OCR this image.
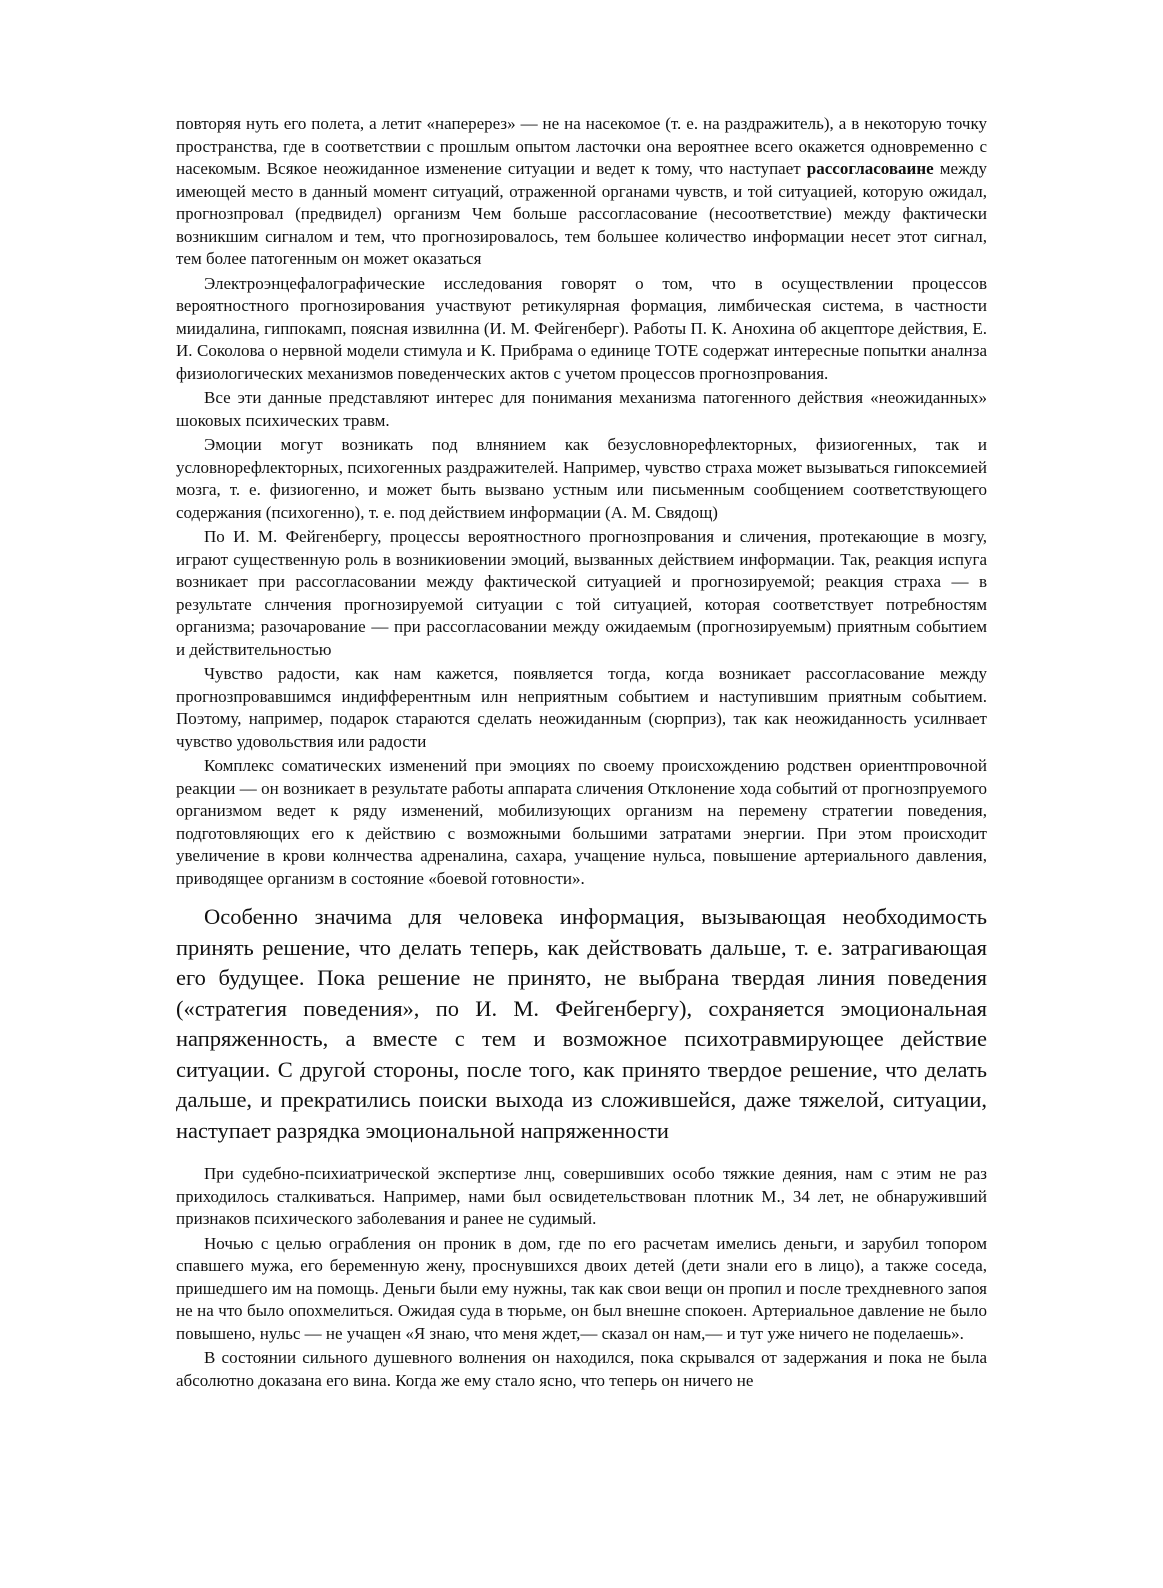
повторяя нуть его полета, а летит «наперерез» — не на насекомое (т. е. на раздражитель), а в некоторую точку пространства, где в соответствии с прошлым опытом ласточки она вероятнее всего окажется одновременно с насекомым. Всякое неожиданное изменение ситуации и ведет к тому, что наступает рассогласоваине между имеющей место в данный момент ситуаций, отраженной органами чувств, и той ситуацией, которую ожидал, прогнозпровал (предвидел) организм Чем больше рассогласование (несоответствие) между фактически возникшим сигналом и тем, что прогнозировалось, тем большее количество информации несет этот сигнал, тем более патогенным он может оказаться

Электроэнцефалографические исследования говорят о том, что в осуществлении процессов вероятностного прогнозирования участвуют ретикулярная формация, лимбическая система, в частности миидалина, гиппокамп, поясная извилнна (И. М. Фейгенберг). Работы П. К. Анохина об акцепторе действия, Е. И. Соколова о нервной модели стимула и К. Прибрама о единице ТОТЕ содержат интересные попытки аналнза физиологических механизмов поведенческих актов с учетом процессов прогнозпрования.

Все эти данные представляют интерес для понимания механизма патогенного действия «неожиданных» шоковых психических травм.

Эмоции могут возникать под влнянием как безусловнорефлекторных, физиогенных, так и условнорефлекторных, психогенных раздражителей. Например, чувство страха может вызываться гипоксемией мозга, т. е. физиогенно, и может быть вызвано устным или письменным сообщением соответствующего содержания (психогенно), т. е. под действием информации (А. М. Свядощ)

По И. М. Фейгенбергу, процессы вероятностного прогнозпрования и сличения, протекающие в мозгу, играют существенную роль в возникиовении эмоций, вызванных действием информации. Так, реакция испуга возникает при рассогласовании между фактической ситуацией и прогнозируемой; реакция страха — в результате слнчения прогнозируемой ситуации с той ситуацией, которая соответствует потребностям организма; разочарование — при рассогласовании между ожидаемым (прогнозируемым) приятным событием и действительностью

Чувство радости, как нам кажется, появляется тогда, когда возникает рассогласование между прогнозпровавшимся индифферентным илн неприятным событием и наступившим приятным событием. Поэтому, например, подарок стараются сделать неожиданным (сюрприз), так как неожиданность усилнвает чувство удовольствия или радости

Комплекс соматических изменений при эмоциях по своему происхождению родствен ориентпровочной реакции — он возникает в результате работы аппарата сличения Отклонение хода событий от прогнозпруемого организмом ведет к ряду изменений, мобилизующих организм на перемену стратегии поведения, подготовляющих его к действию с возможными большими затратами энергии. При этом происходит увеличение в крови колнчества адреналина, сахара, учащение нульса, повышение артериального давления, приводящее организм в состояние «боевой готовности».

Особенно значима для человека информация, вызывающая необходимость принять решение, что делать теперь, как действовать дальше, т. е. затрагивающая его будущее. Пока решение не принято, не выбрана твердая линия поведения («стратегия поведения», по И. М. Фейгенбергу), сохраняется эмоциональная напряженность, а вместе с тем и возможное психотравмирующее действие ситуации. С другой стороны, после того, как принято твердое решение, что делать дальше, и прекратились поиски выхода из сложившейся, даже тяжелой, ситуации, наступает разрядка эмоциональной напряженности

При судебно-психиатрической экспертизе лнц, совершивших особо тяжкие деяния, нам с этим не раз приходилось сталкиваться. Например, нами был освидетельствован плотник М., 34 лет, не обнаруживший признаков психического заболевания и ранее не судимый.

Ночью с целью ограбления он проник в дом, где по его расчетам имелись деньги, и зарубил топором спавшего мужа, его беременную жену, проснувшихся двоих детей (дети знали его в лицо), а также соседа, пришедшего им на помощь. Деньги были ему нужны, так как свои вещи он пропил и после трехдневного запоя не на что было опохмелиться. Ожидая суда в тюрьме, он был внешне спокоен. Артериальное давление не было повышено, нульс — не учащен «Я знаю, что меня ждет,— сказал он нам,— и тут уже ничего не поделаешь».

В состоянии сильного душевного волнения он находился, пока скрывался от задержания и пока не была абсолютно доказана его вина. Когда же ему стало ясно, что теперь он ничего не
